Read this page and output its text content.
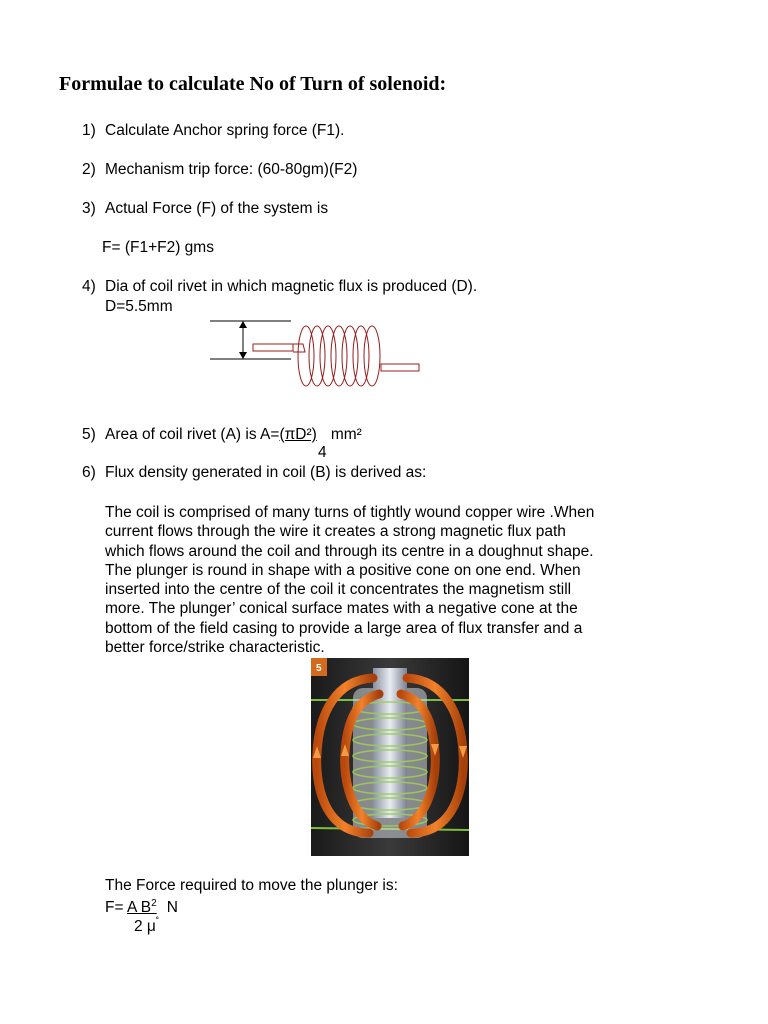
Formulae to calculate No of Turn of solenoid:
1) Calculate Anchor spring force (F1).
2) Mechanism trip force: (60-80gm)(F2)
3) Actual Force (F) of the system is
F= (F1+F2) gms
4) Dia of coil rivet in which magnetic flux is produced (D).
D=5.5mm
5) Area of coil rivet (A) is A=(πD²) mm²
4
6) Flux density generated in coil (B) is derived as:
The coil is comprised of many turns of tightly wound copper wire .When
current flows through the wire it creates a strong magnetic flux path
which flows around the coil and through its centre in a doughnut shape.
The plunger is round in shape with a positive cone on one end. When
inserted into the centre of the coil it concentrates the magnetism still
more. The plunger’ conical surface mates with a negative cone at the
bottom of the field casing to provide a large area of flux transfer and a
better force/strike characteristic.
5
The Force required to move the plunger is:
F= A $B^2$ N
2 μ˚
